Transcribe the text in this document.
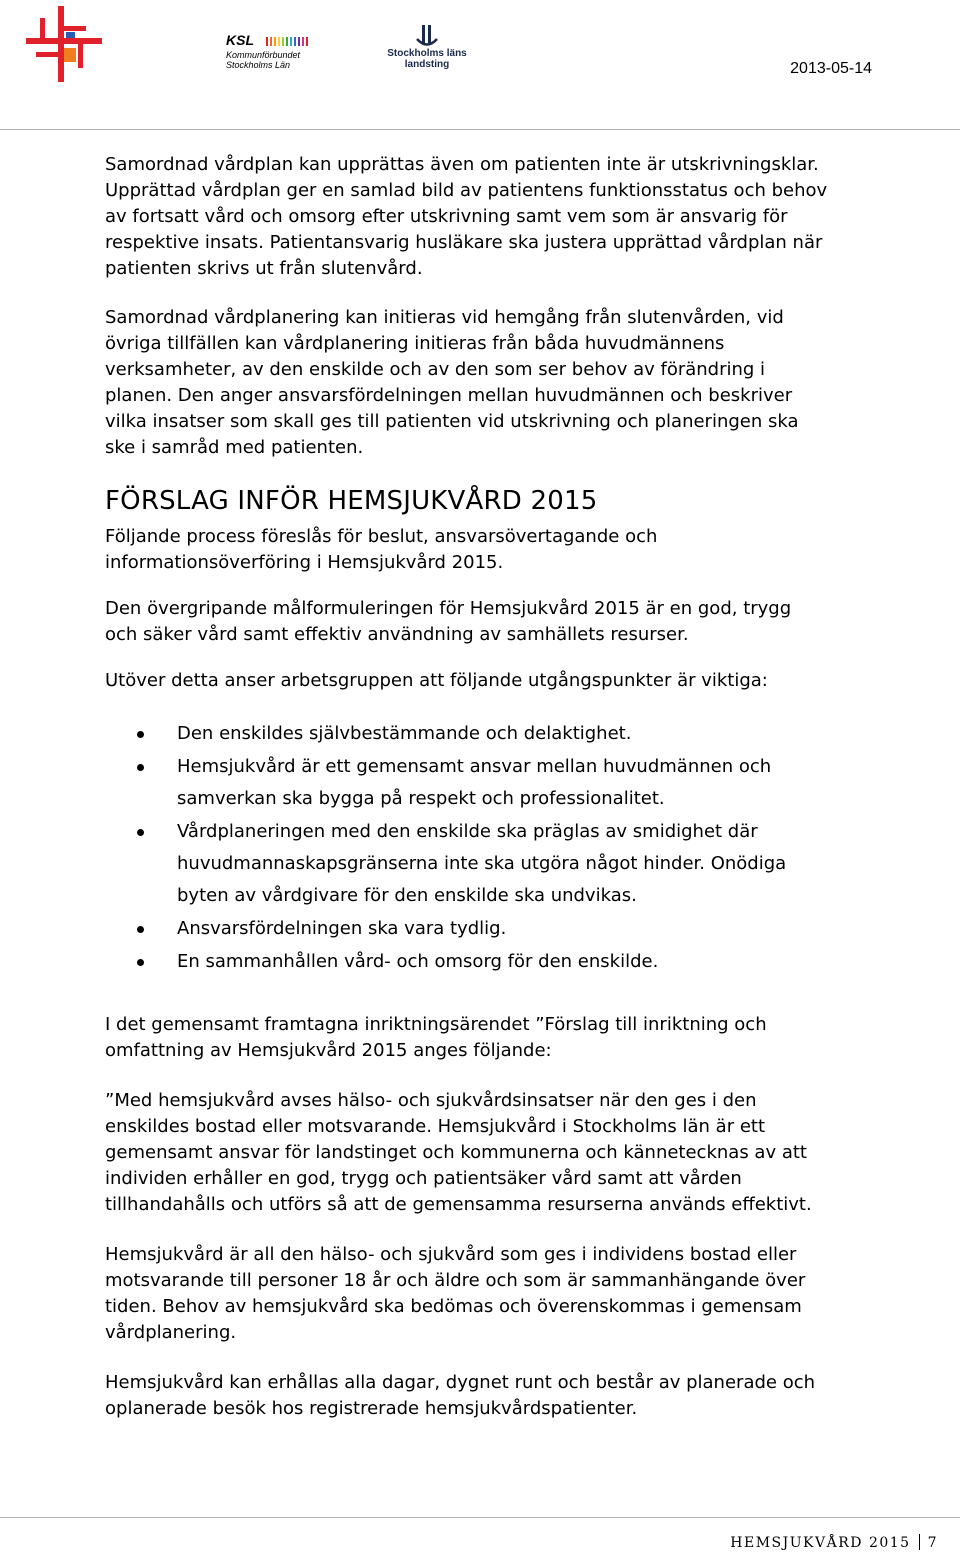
KSL
Kommunförbundet
Stockholms Län
Stockholms läns
landsting	2013-05-14

Samordnad vårdplan kan upprättas även om patienten inte är utskrivningsklar.
Upprättad vårdplan ger en samlad bild av patientens funktionsstatus och behov
av fortsatt vård och omsorg efter utskrivning samt vem som är ansvarig för
respektive insats. Patientansvarig husläkare ska justera upprättad vårdplan när
patienten skrivs ut från slutenvård.

Samordnad vårdplanering kan initieras vid hemgång från slutenvården, vid
övriga tillfällen kan vårdplanering initieras från båda huvudmännens
verksamheter, av den enskilde och av den som ser behov av förändring i
planen. Den anger ansvarsfördelningen mellan huvudmännen och beskriver
vilka insatser som skall ges till patienten vid utskrivning och planeringen ska
ske i samråd med patienten.

FÖRSLAG INFÖR HEMSJUKVÅRD 2015

Följande process föreslås för beslut, ansvarsövertagande och
informationsöverföring i Hemsjukvård 2015.

Den övergripande målformuleringen för Hemsjukvård 2015 är en god, trygg
och säker vård samt effektiv användning av samhällets resurser.

Utöver detta anser arbetsgruppen att följande utgångspunkter är viktiga:

Den enskildes självbestämmande och delaktighet.
Hemsjukvård är ett gemensamt ansvar mellan huvudmännen och
samverkan ska bygga på respekt och professionalitet.
Vårdplaneringen med den enskilde ska präglas av smidighet där
huvudmannaskapsgränserna inte ska utgöra något hinder. Onödiga
byten av vårdgivare för den enskilde ska undvikas.
Ansvarsfördelningen ska vara tydlig.
En sammanhållen vård- och omsorg för den enskilde.

I det gemensamt framtagna inriktningsärendet ”Förslag till inriktning och
omfattning av Hemsjukvård 2015 anges följande:

”Med hemsjukvård avses hälso- och sjukvårdsinsatser när den ges i den
enskildes bostad eller motsvarande. Hemsjukvård i Stockholms län är ett
gemensamt ansvar för landstinget och kommunerna och kännetecknas av att
individen erhåller en god, trygg och patientsäker vård samt att vården
tillhandahålls och utförs så att de gemensamma resurserna används effektivt.

Hemsjukvård är all den hälso- och sjukvård som ges i individens bostad eller
motsvarande till personer 18 år och äldre och som är sammanhängande över
tiden. Behov av hemsjukvård ska bedömas och överenskommas i gemensam
vårdplanering.

Hemsjukvård kan erhållas alla dagar, dygnet runt och består av planerade och
oplanerade besök hos registrerade hemsjukvårdspatienter.

HEMSJUKVÅRD 2015 7
